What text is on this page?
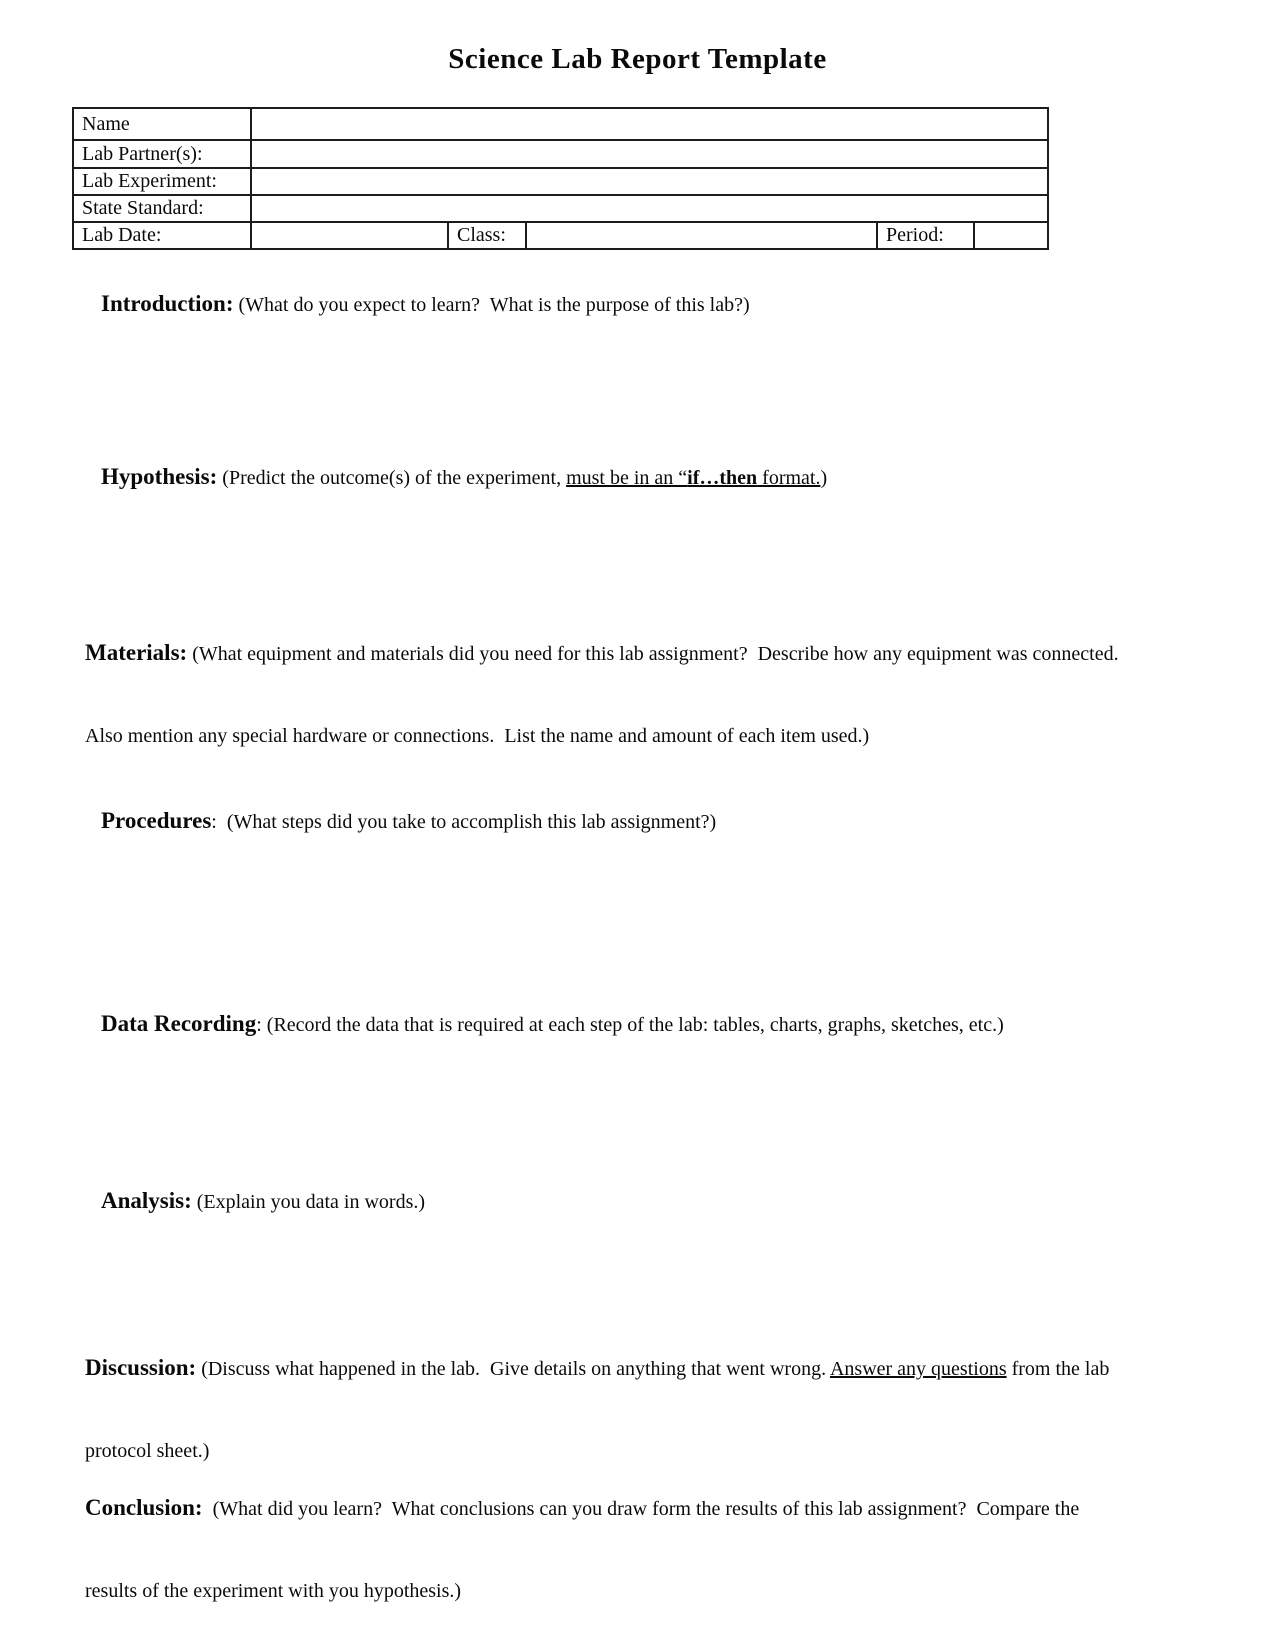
Science Lab Report Template
Name					
Lab Partner(s):					
Lab Experiment:					
State Standard:					
Lab Date:		Class:		Period:	

Introduction: (What do you expect to learn?  What is the purpose of this lab?)

Hypothesis: (Predict the outcome(s) of the experiment, must be in an “if…then format.)

Materials: (What equipment and materials did you need for this lab assignment?  Describe how any equipment was connected.

Also mention any special hardware or connections.  List the name and amount of each item used.)

Procedures:  (What steps did you take to accomplish this lab assignment?)

Data Recording: (Record the data that is required at each step of the lab: tables, charts, graphs, sketches, etc.)

Analysis: (Explain you data in words.)

Discussion: (Discuss what happened in the lab.  Give details on anything that went wrong. Answer any questions from the lab

protocol sheet.)

Conclusion:  (What did you learn?  What conclusions can you draw form the results of this lab assignment?  Compare the

results of the experiment with you hypothesis.)
